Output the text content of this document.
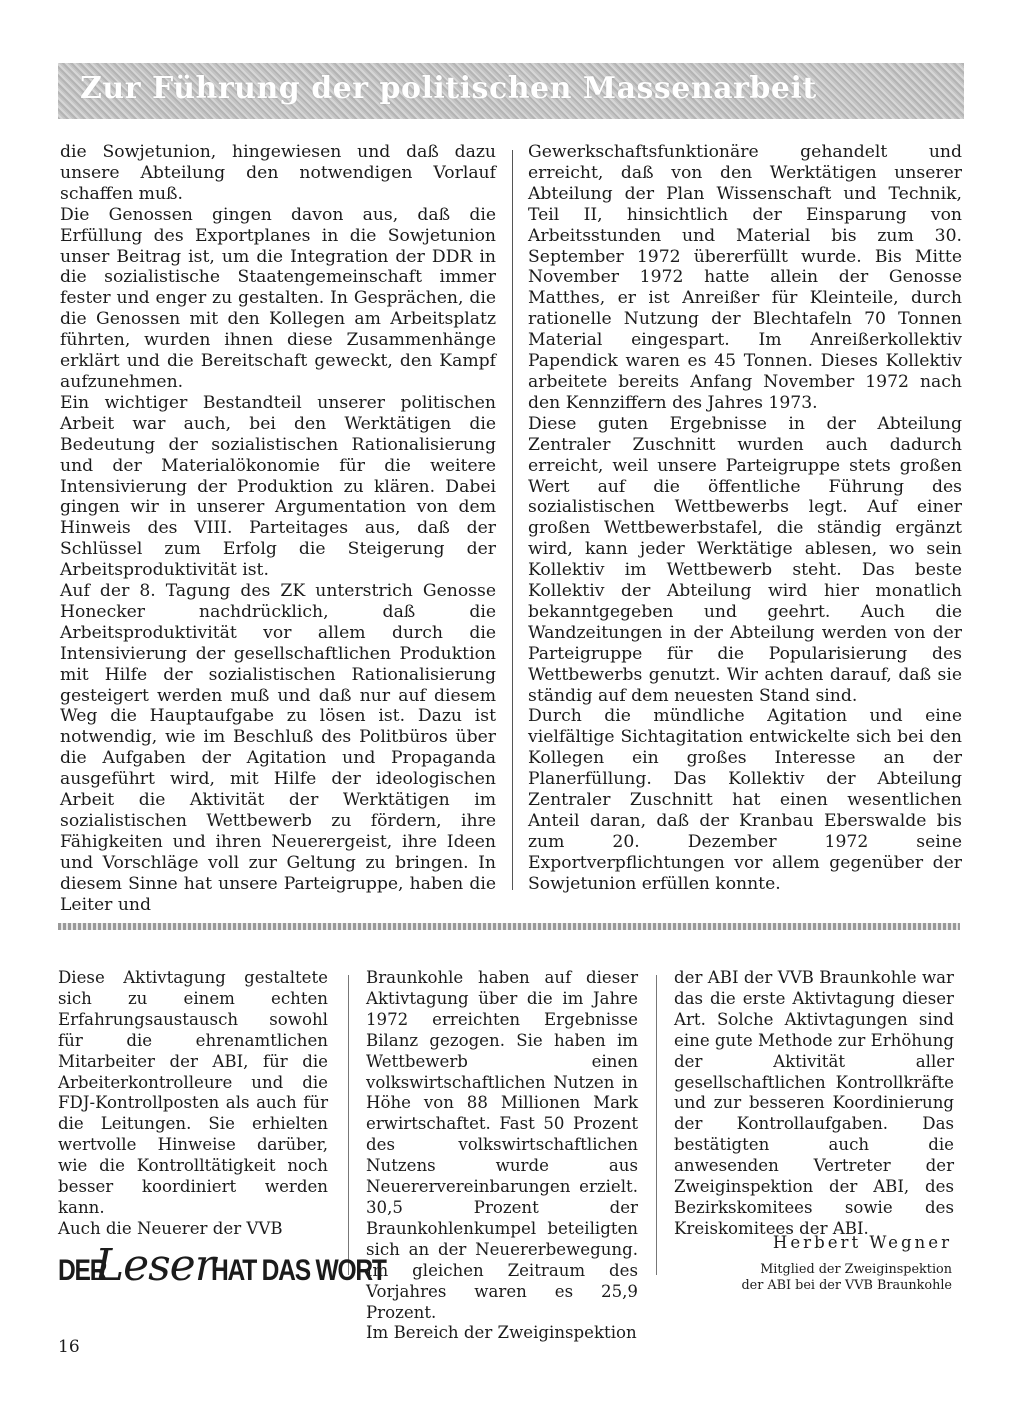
Zur Führung der politischen Massenarbeit

die Sowjetunion, hingewiesen und daß dazu unsere Abteilung den notwendigen Vorlauf schaffen muß.

Die Genossen gingen davon aus, daß die Erfüllung des Exportplanes in die Sowjetunion unser Beitrag ist, um die Integration der DDR in die sozialistische Staatengemeinschaft immer fester und enger zu gestalten. In Gesprächen, die die Genossen mit den Kollegen am Arbeitsplatz führten, wurden ihnen diese Zusammenhänge erklärt und die Bereitschaft geweckt, den Kampf aufzunehmen.

Ein wichtiger Bestandteil unserer politischen Arbeit war auch, bei den Werktätigen die Bedeutung der sozialistischen Rationalisierung und der Materialökonomie für die weitere Intensivierung der Produktion zu klären. Dabei gingen wir in unserer Argumentation von dem Hinweis des VIII. Parteitages aus, daß der Schlüssel zum Erfolg die Steigerung der Arbeitsproduktivität ist.

Auf der 8. Tagung des ZK unterstrich Genosse Honecker nachdrücklich, daß die Arbeitsproduktivität vor allem durch die Intensivierung der gesellschaftlichen Produktion mit Hilfe der sozialistischen Rationalisierung gesteigert werden muß und daß nur auf diesem Weg die Hauptaufgabe zu lösen ist. Dazu ist notwendig, wie im Beschluß des Politbüros über die Aufgaben der Agitation und Propaganda ausgeführt wird, mit Hilfe der ideologischen Arbeit die Aktivität der Werktätigen im sozialistischen Wettbewerb zu fördern, ihre Fähigkeiten und ihren Neuerergeist, ihre Ideen und Vorschläge voll zur Geltung zu bringen. In diesem Sinne hat unsere Parteigruppe, haben die Leiter und

Gewerkschaftsfunktionäre gehandelt und erreicht, daß von den Werktätigen unserer Abteilung der Plan Wissenschaft und Technik, Teil II, hinsichtlich der Einsparung von Arbeitsstunden und Material bis zum 30. September 1972 übererfüllt wurde. Bis Mitte November 1972 hatte allein der Genosse Matthes, er ist Anreißer für Kleinteile, durch rationelle Nutzung der Blechtafeln 70 Tonnen Material eingespart. Im Anreißerkollektiv Papendick waren es 45 Tonnen. Dieses Kollektiv arbeitete bereits Anfang November 1972 nach den Kennziffern des Jahres 1973.

Diese guten Ergebnisse in der Abteilung Zentraler Zuschnitt wurden auch dadurch erreicht, weil unsere Parteigruppe stets großen Wert auf die öffentliche Führung des sozialistischen Wettbewerbs legt. Auf einer großen Wettbewerbstafel, die ständig ergänzt wird, kann jeder Werktätige ablesen, wo sein Kollektiv im Wettbewerb steht. Das beste Kollektiv der Abteilung wird hier monatlich bekanntgegeben und geehrt. Auch die Wandzeitungen in der Abteilung werden von der Parteigruppe für die Popularisierung des Wettbewerbs genutzt. Wir achten darauf, daß sie ständig auf dem neuesten Stand sind.

Durch die mündliche Agitation und eine vielfältige Sichtagitation entwickelte sich bei den Kollegen ein großes Interesse an der Planerfüllung. Das Kollektiv der Abteilung Zentraler Zuschnitt hat einen wesentlichen Anteil daran, daß der Kranbau Eberswalde bis zum 20. Dezember 1972 seine Exportverpflichtungen vor allem gegenüber der Sowjetunion erfüllen konnte.

Diese Aktivtagung gestaltete sich zu einem echten Erfahrungsaustausch sowohl für die ehrenamtlichen Mitarbeiter der ABI, für die Arbeiterkontrolleure und die FDJ-Kontrollposten als auch für die Leitungen. Sie erhielten wertvolle Hinweise darüber, wie die Kontrolltätigkeit noch besser koordiniert werden kann.

Auch die Neuerer der VVB

Braunkohle haben auf dieser Aktivtagung über die im Jahre 1972 erreichten Ergebnisse Bilanz gezogen. Sie haben im Wettbewerb einen volkswirtschaftlichen Nutzen in Höhe von 88 Millionen Mark erwirtschaftet. Fast 50 Prozent des volkswirtschaftlichen Nutzens wurde aus Neuerervereinbarungen erzielt. 30,5 Prozent der Braunkohlenkumpel beteiligten sich an der Neuererbewegung. Im gleichen Zeitraum des Vorjahres waren es 25,9 Prozent.

Im Bereich der Zweiginspektion

der ABI der VVB Braunkohle war das die erste Aktivtagung dieser Art. Solche Aktivtagungen sind eine gute Methode zur Erhöhung der Aktivität aller gesellschaftlichen Kontrollkräfte und zur besseren Koordinierung der Kontrollaufgaben. Das bestätigten auch die anwesenden Vertreter der Zweiginspektion der ABI, des Bezirkskomitees sowie des Kreiskomitees der ABI.

DER
Leser
HAT DAS WORT
Herbert Wegner
Mitglied der Zweiginspektion
der ABI bei der VVB Braunkohle
16
